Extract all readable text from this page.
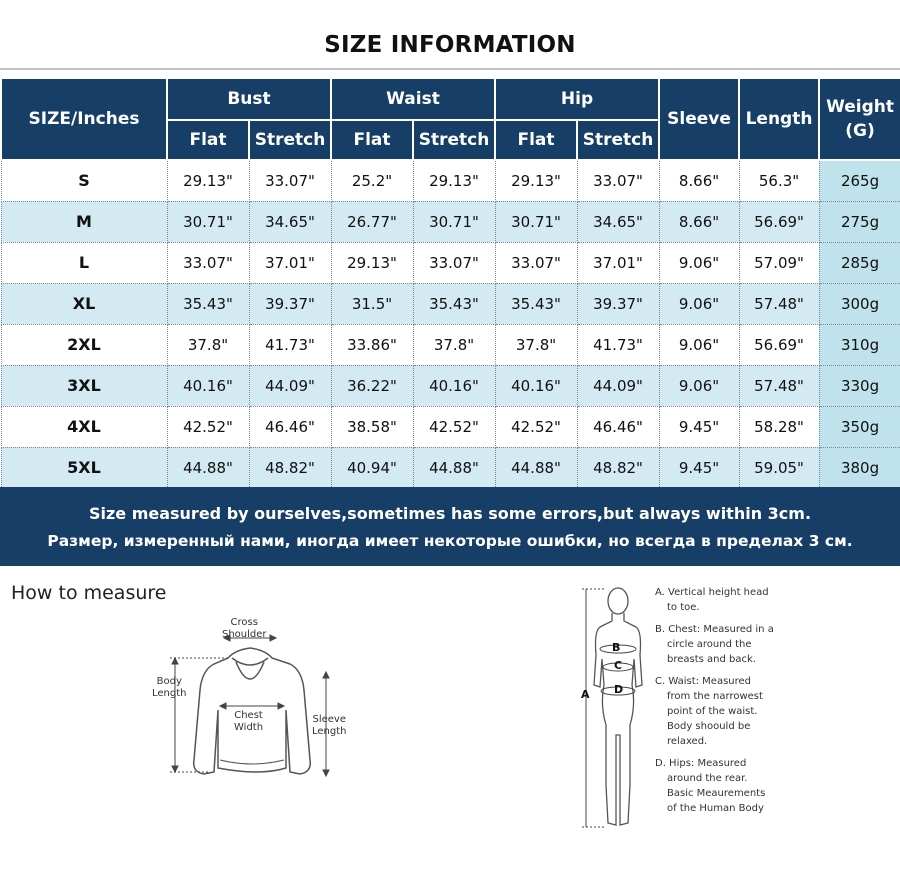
SIZE INFORMATION
SIZE/Inches	Bust		Waist		Hip		Sleeve	Length	Weight
(G)

	Flat	Stretch	Flat	Stretch	Flat	Stretch			
S	29.13"	33.07"	25.2"	29.13"	29.13"	33.07"	8.66"	56.3"	265g
M	30.71"	34.65"	26.77"	30.71"	30.71"	34.65"	8.66"	56.69"	275g
L	33.07"	37.01"	29.13"	33.07"	33.07"	37.01"	9.06"	57.09"	285g
XL	35.43"	39.37"	31.5"	35.43"	35.43"	39.37"	9.06"	57.48"	300g
2XL	37.8"	41.73"	33.86"	37.8"	37.8"	41.73"	9.06"	56.69"	310g
3XL	40.16"	44.09"	36.22"	40.16"	40.16"	44.09"	9.06"	57.48"	330g
4XL	42.52"	46.46"	38.58"	42.52"	42.52"	46.46"	9.45"	58.28"	350g
5XL	44.88"	48.82"	40.94"	44.88"	44.88"	48.82"	9.45"	59.05"	380g
Size measured by ourselves,sometimes has some errors,but always within 3cm.
Размер, измеренный нами, иногда имеет некоторые ошибки, но всегда в пределах 3 см.
How to measure
Cross
Shoulder
Body
Length
Chest
Width
Sleeve
Length
A
B
C
D
A. Vertical height head
to toe.
B. Chest: Measured in a
circle around the
breasts and back.
C. Waist: Measured
from the narrowest
point of the waist.
Body shoould be
relaxed.
D. Hips: Measured
around the rear.
Basic Meaurements
of the Human Body
